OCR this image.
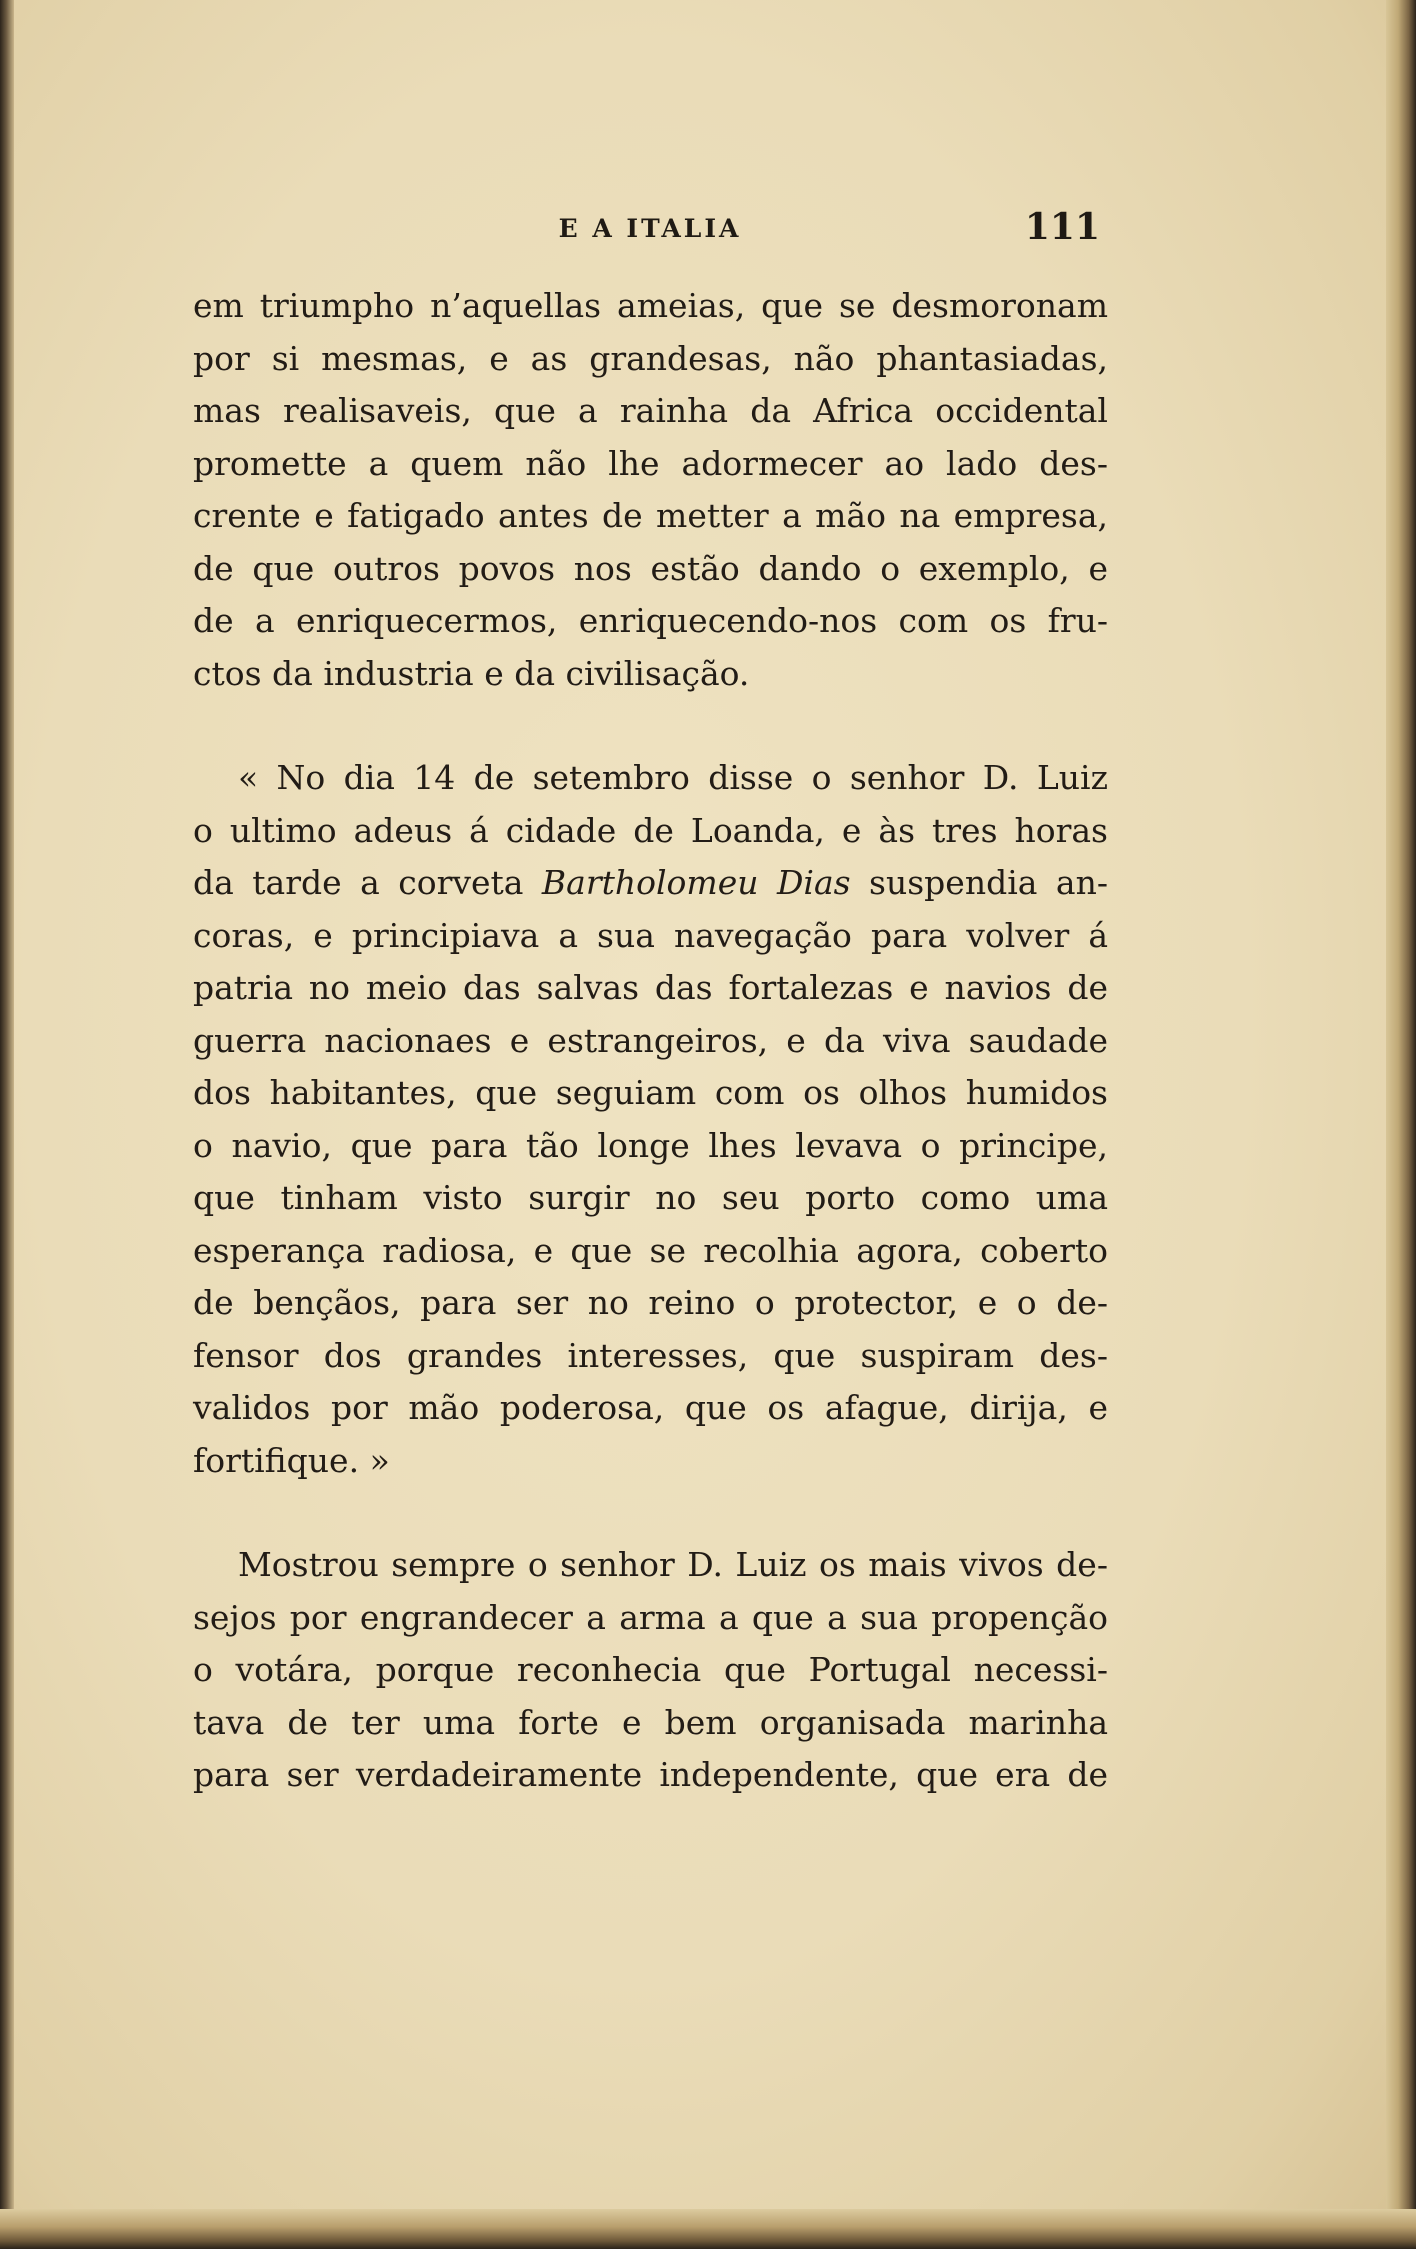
E A ITALIA	111
em triumpho n’aquellas ameias, que se desmoronam
por si mesmas, e as grandesas, não phantasiadas,
mas realisaveis, que a rainha da Africa occidental
promette a quem não lhe adormecer ao lado des-
crente e fatigado antes de metter a mão na empresa,
de que outros povos nos estão dando o exemplo, e
de a enriquecermos, enriquecendo-nos com os fru-
ctos da industria e da civilisação.
« No dia 14 de setembro disse o senhor D. Luiz
o ultimo adeus á cidade de Loanda, e às tres horas
da tarde a corveta Bartholomeu Dias suspendia an-
coras, e principiava a sua navegação para volver á
patria no meio das salvas das fortalezas e navios de
guerra nacionaes e estrangeiros, e da viva saudade
dos habitantes, que seguiam com os olhos humidos
o navio, que para tão longe lhes levava o principe,
que tinham visto surgir no seu porto como uma
esperança radiosa, e que se recolhia agora, coberto
de bençãos, para ser no reino o protector, e o de-
fensor dos grandes interesses, que suspiram des-
validos por mão poderosa, que os afague, dirija, e
fortifique. »
Mostrou sempre o senhor D. Luiz os mais vivos de-
sejos por engrandecer a arma a que a sua propenção
o votára, porque reconhecia que Portugal necessi-
tava de ter uma forte e bem organisada marinha
para ser verdadeiramente independente, que era de
